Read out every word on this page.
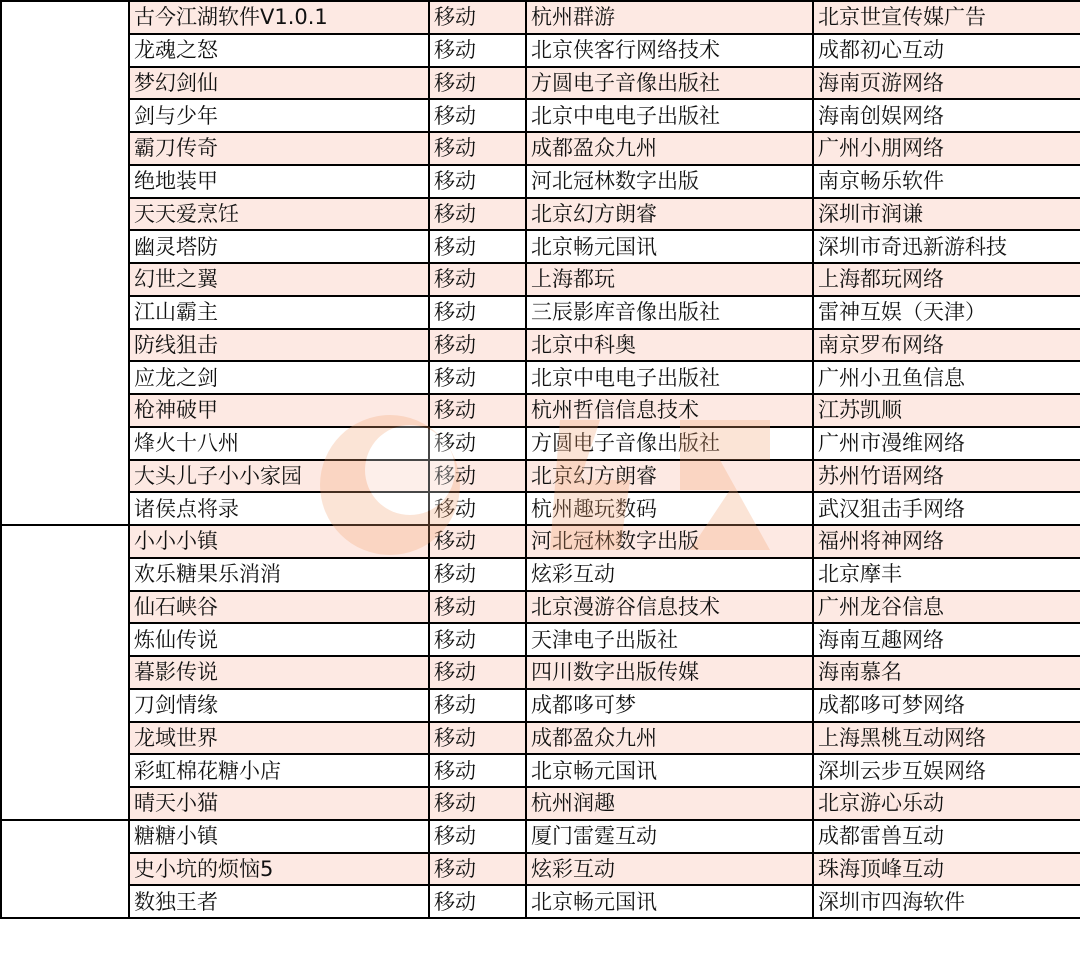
	古今江湖软件V1.0.1	移动	杭州群游	北京世宣传媒广告
	龙魂之怒	移动	北京侠客行网络技术	成都初心互动
	梦幻剑仙	移动	方圆电子音像出版社	海南页游网络
	剑与少年	移动	北京中电电子出版社	海南创娱网络
	霸刀传奇	移动	成都盈众九州	广州小朋网络
	绝地装甲	移动	河北冠林数字出版	南京畅乐软件
	天天爱烹饪	移动	北京幻方朗睿	深圳市润谦
	幽灵塔防	移动	北京畅元国讯	深圳市奇迅新游科技
	幻世之翼	移动	上海都玩	上海都玩网络
	江山霸主	移动	三辰影库音像出版社	雷神互娱（天津）
	防线狙击	移动	北京中科奥	南京罗布网络
	应龙之剑	移动	北京中电电子出版社	广州小丑鱼信息
	枪神破甲	移动	杭州哲信信息技术	江苏凯顺
	烽火十八州	移动	方圆电子音像出版社	广州市漫维网络
	大头儿子小小家园	移动	北京幻方朗睿	苏州竹语网络
	诸侯点将录	移动	杭州趣玩数码	武汉狙击手网络
	小小小镇	移动	河北冠林数字出版	福州将神网络
	欢乐糖果乐消消	移动	炫彩互动	北京摩丰
	仙石峡谷	移动	北京漫游谷信息技术	广州龙谷信息
	炼仙传说	移动	天津电子出版社	海南互趣网络
	暮影传说	移动	四川数字出版传媒	海南慕名
	刀剑情缘	移动	成都哆可梦	成都哆可梦网络
	龙域世界	移动	成都盈众九州	上海黑桃互动网络
	彩虹棉花糖小店	移动	北京畅元国讯	深圳云步互娱网络
	晴天小猫	移动	杭州润趣	北京游心乐动
	糖糖小镇	移动	厦门雷霆互动	成都雷兽互动
	史小坑的烦恼5	移动	炫彩互动	珠海顶峰互动
	数独王者	移动	北京畅元国讯	深圳市四海软件
